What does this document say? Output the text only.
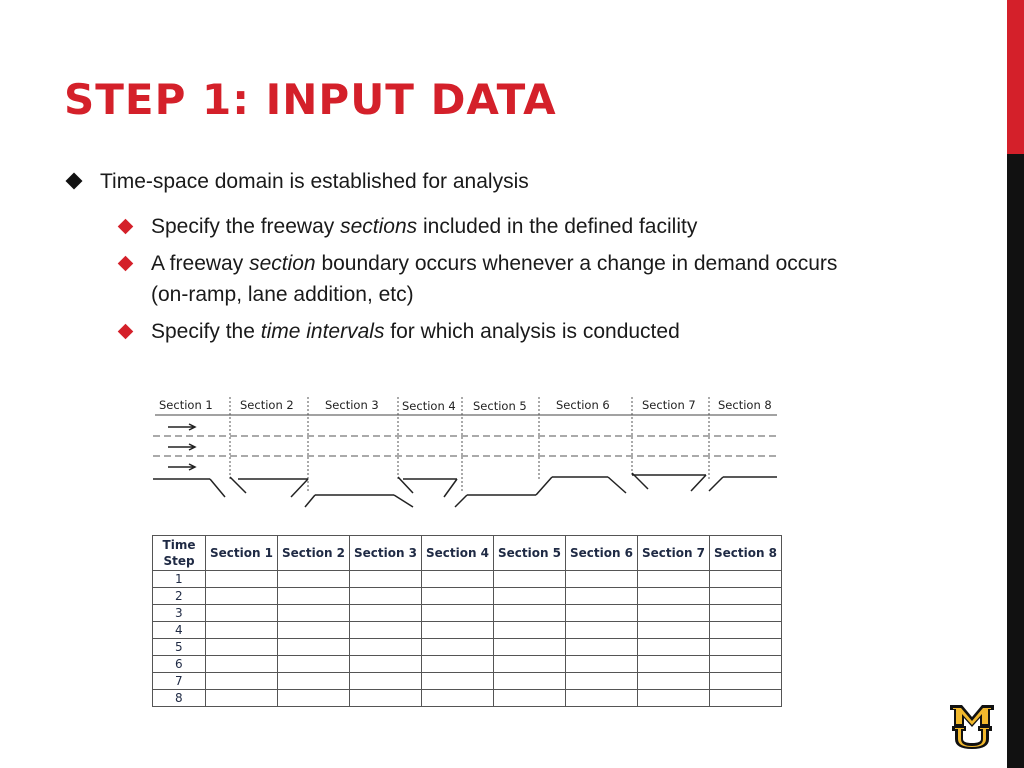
STEP 1: INPUT DATA
Time-space domain is established for analysis
Specify the freeway sections included in the defined facility
A freeway section boundary occurs whenever a change in demand occurs (on-ramp, lane addition, etc)
Specify the time intervals for which analysis is conducted
Section 1 Section 2	Section 3 Section 4 Section 5	Section 6	Section 7 Section 8
Time Step	Section 1	Section 2	Section 3	Section 4	Section 5	Section 6	Section 7	Section 8
1								
2								
3								
4								
5								
6								
7								
8								
